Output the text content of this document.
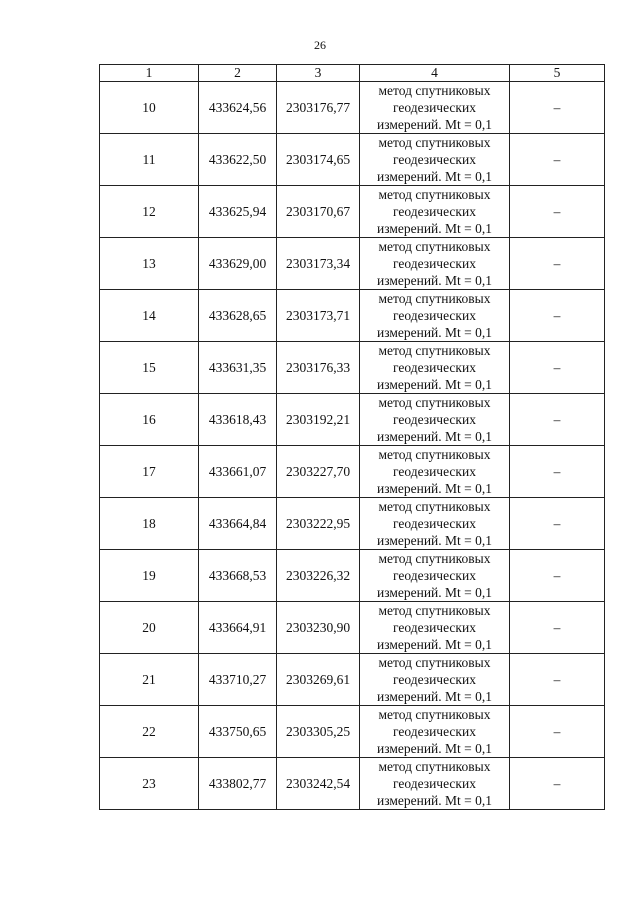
26
1	2	3	4	5
10	433624,56	2303176,77	метод спутниковых
геодезических
измерений. Mt = 0,1	–
11	433622,50	2303174,65	метод спутниковых
геодезических
измерений. Mt = 0,1	–
12	433625,94	2303170,67	метод спутниковых
геодезических
измерений. Mt = 0,1	–
13	433629,00	2303173,34	метод спутниковых
геодезических
измерений. Mt = 0,1	–
14	433628,65	2303173,71	метод спутниковых
геодезических
измерений. Mt = 0,1	–
15	433631,35	2303176,33	метод спутниковых
геодезических
измерений. Mt = 0,1	–
16	433618,43	2303192,21	метод спутниковых
геодезических
измерений. Mt = 0,1	–
17	433661,07	2303227,70	метод спутниковых
геодезических
измерений. Mt = 0,1	–
18	433664,84	2303222,95	метод спутниковых
геодезических
измерений. Mt = 0,1	–
19	433668,53	2303226,32	метод спутниковых
геодезических
измерений. Mt = 0,1	–
20	433664,91	2303230,90	метод спутниковых
геодезических
измерений. Mt = 0,1	–
21	433710,27	2303269,61	метод спутниковых
геодезических
измерений. Mt = 0,1	–
22	433750,65	2303305,25	метод спутниковых
геодезических
измерений. Mt = 0,1	–
23	433802,77	2303242,54	метод спутниковых
геодезических
измерений. Mt = 0,1	–
